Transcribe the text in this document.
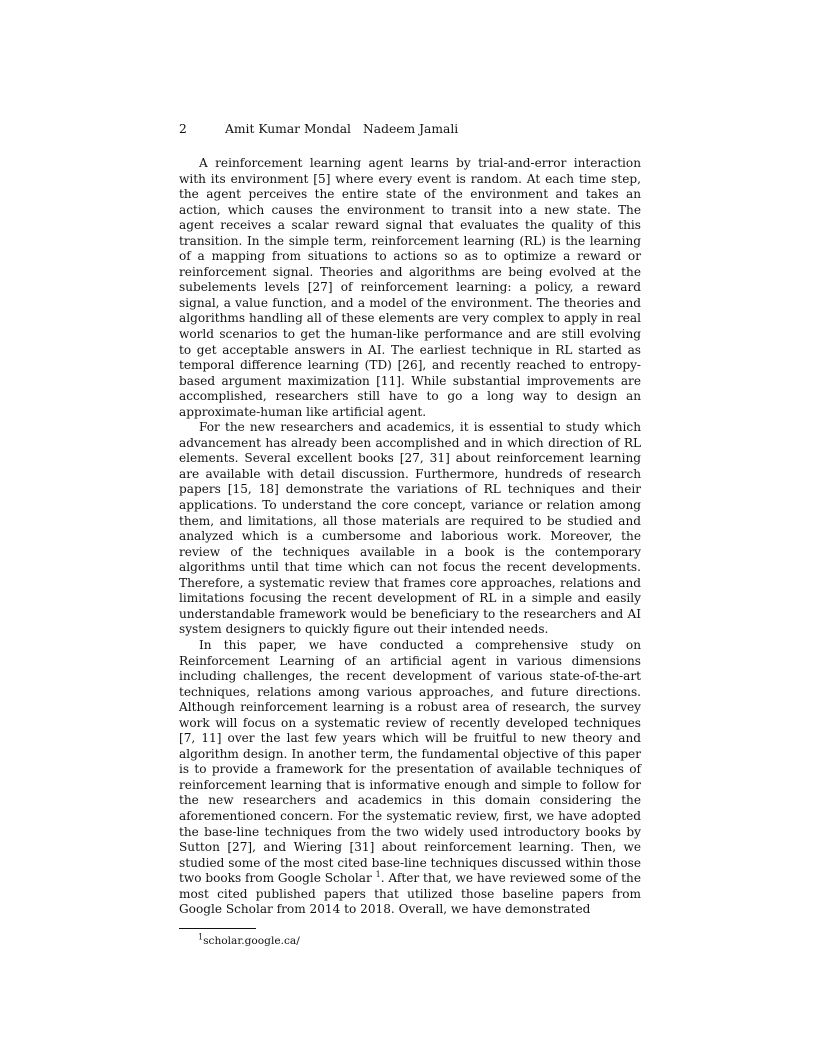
2	Amit Kumar Mondal Nadeem Jamali

A reinforcement learning agent learns by trial-and-error interaction with its environment [5] where every event is random. At each time step, the agent perceives the entire state of the environment and takes an action, which causes the environment to transit into a new state. The agent receives a scalar reward signal that evaluates the quality of this transition. In the simple term, reinforcement learning (RL) is the learning of a mapping from situations to actions so as to optimize a reward or reinforcement signal. Theories and algorithms are being evolved at the subelements levels [27] of reinforcement learning: a policy, a reward signal, a value function, and a model of the environment. The theories and algorithms handling all of these elements are very complex to apply in real world scenarios to get the human-like performance and are still evolving to get acceptable answers in AI. The earliest technique in RL started as temporal difference learning (TD) [26], and recently reached to entropy-based argument maximization [11]. While substantial improvements are accomplished, researchers still have to go a long way to design an approximate-human like artificial agent.

For the new researchers and academics, it is essential to study which advancement has already been accomplished and in which direction of RL elements. Several excellent books [27, 31] about reinforcement learning are available with detail discussion. Furthermore, hundreds of research papers [15, 18] demonstrate the variations of RL techniques and their applications. To understand the core concept, variance or relation among them, and limitations, all those materials are required to be studied and analyzed which is a cumbersome and laborious work. Moreover, the review of the techniques available in a book is the contemporary algorithms until that time which can not focus the recent developments. Therefore, a systematic review that frames core approaches, relations and limitations focusing the recent development of RL in a simple and easily understandable framework would be beneficiary to the researchers and AI system designers to quickly figure out their intended needs.

In this paper, we have conducted a comprehensive study on Reinforcement Learning of an artificial agent in various dimensions including challenges, the recent development of various state-of-the-art techniques, relations among various approaches, and future directions. Although reinforcement learning is a robust area of research, the survey work will focus on a systematic review of recently developed techniques [7, 11] over the last few years which will be fruitful to new theory and algorithm design. In another term, the fundamental objective of this paper is to provide a framework for the presentation of available techniques of reinforcement learning that is informative enough and simple to follow for the new researchers and academics in this domain considering the aforementioned concern. For the systematic review, first, we have adopted the base-line techniques from the two widely used introductory books by Sutton [27], and Wiering [31] about reinforcement learning. Then, we studied some of the most cited base-line techniques discussed within those two books from Google Scholar $^1$. After that, we have reviewed some of the most cited published papers that utilized those baseline papers from Google Scholar from 2014 to 2018. Overall, we have demonstrated

$^1$scholar.google.ca/
